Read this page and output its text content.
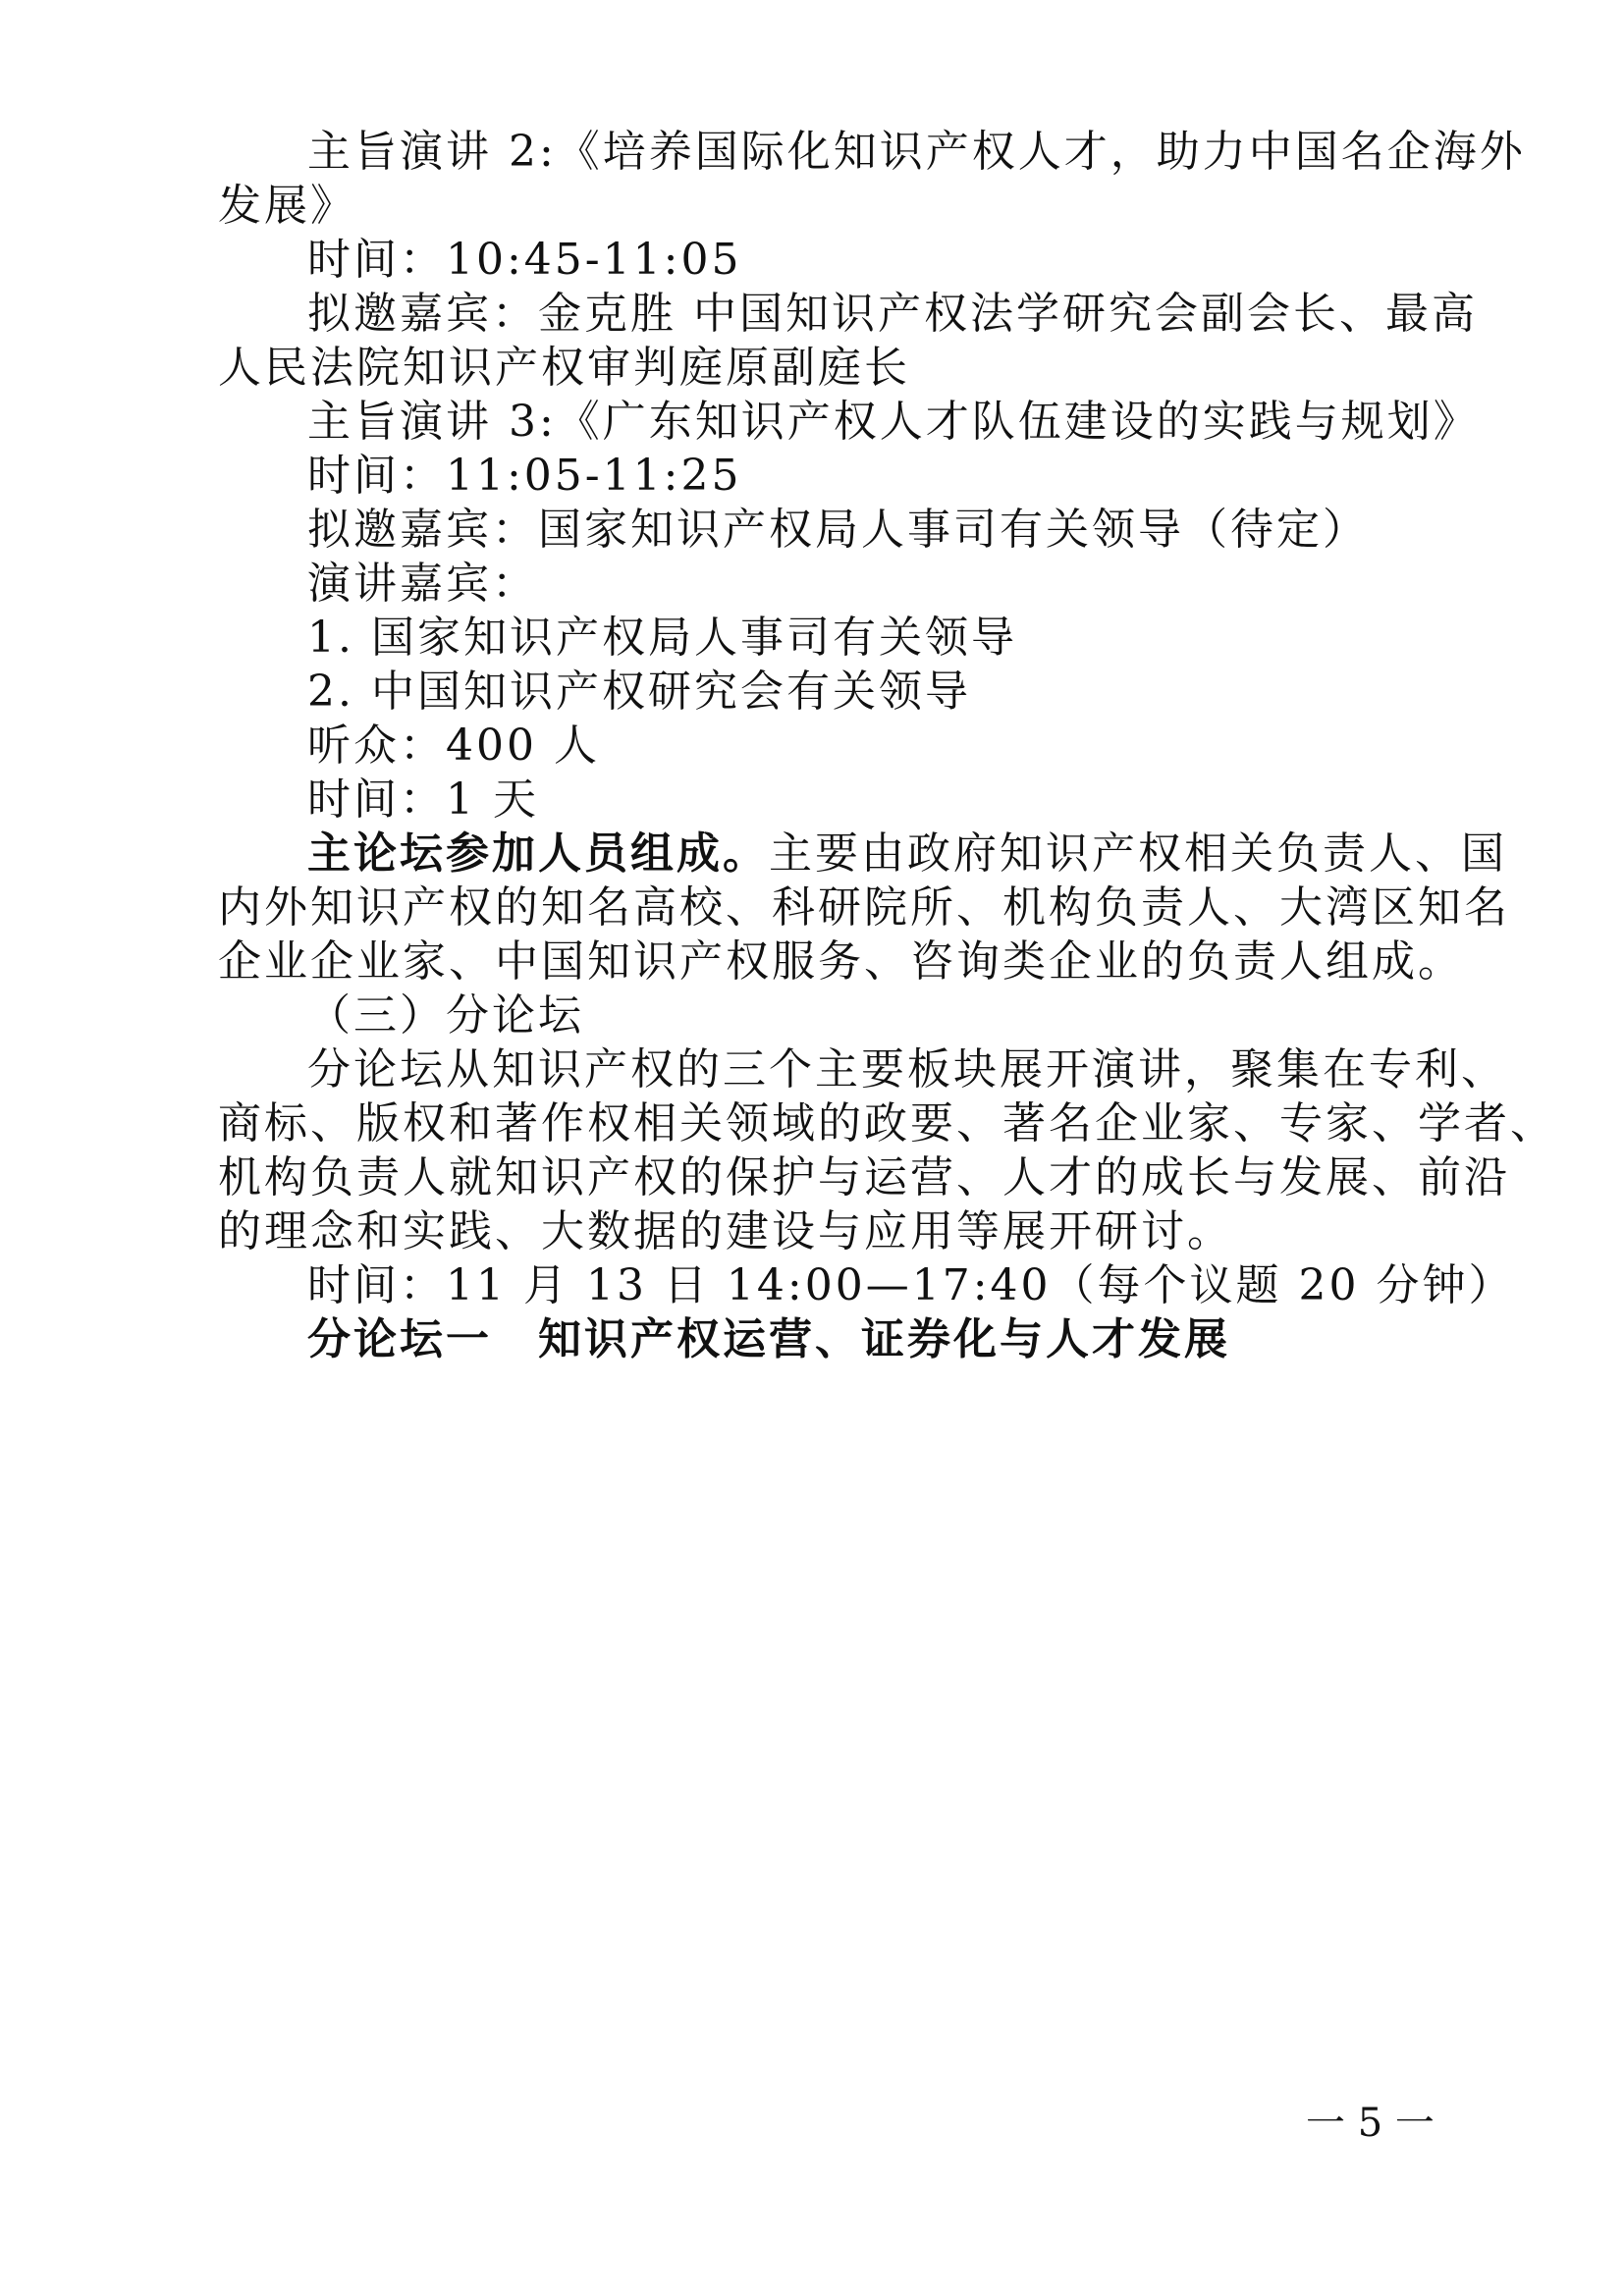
主旨演讲 2:《培养国际化知识产权人才，助力中国名企海外
发展》
时间：10:45-11:05
拟邀嘉宾：金克胜 中国知识产权法学研究会副会长、最高
人民法院知识产权审判庭原副庭长
主旨演讲 3:《广东知识产权人才队伍建设的实践与规划》
时间：11:05-11:25
拟邀嘉宾：国家知识产权局人事司有关领导（待定）
演讲嘉宾：
1. 国家知识产权局人事司有关领导
2. 中国知识产权研究会有关领导
听众：400 人
时间：1 天
主论坛参加人员组成。主要由政府知识产权相关负责人、国
内外知识产权的知名高校、科研院所、机构负责人、大湾区知名
企业企业家、中国知识产权服务、咨询类企业的负责人组成。
（三）分论坛
分论坛从知识产权的三个主要板块展开演讲，聚集在专利、
商标、版权和著作权相关领域的政要、著名企业家、专家、学者、
机构负责人就知识产权的保护与运营、人才的成长与发展、前沿
的理念和实践、大数据的建设与应用等展开研讨。
时间：11 月 13 日 14:00—17:40（每个议题 20 分钟）
分论坛一　知识产权运营、证券化与人才发展
一 5 一
